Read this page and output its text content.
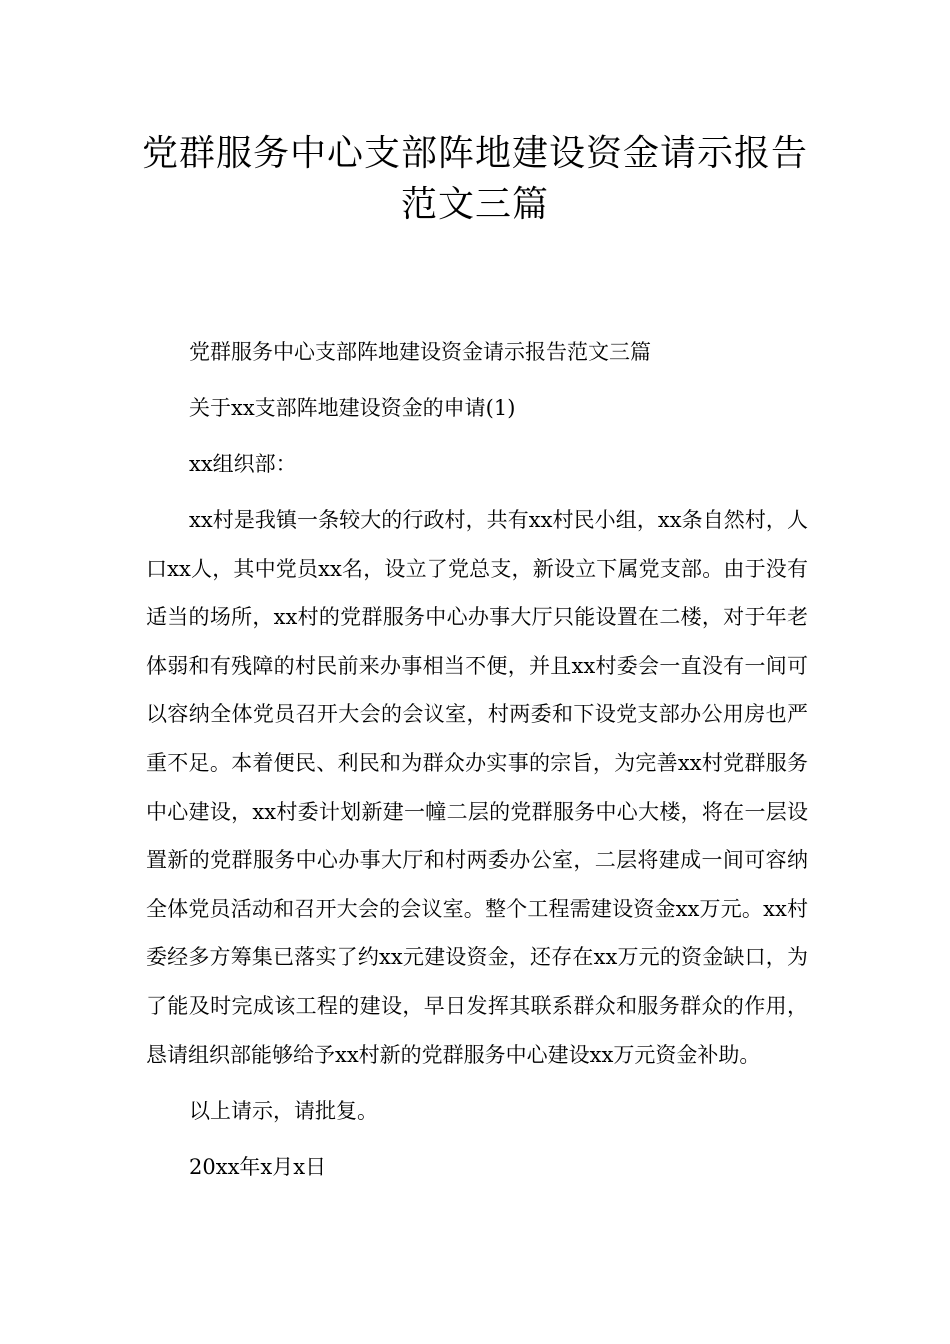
党群服务中心支部阵地建设资金请示报告范文三篇

党群服务中心支部阵地建设资金请示报告范文三篇

关于xx支部阵地建设资金的申请(1)

xx组织部：

xx村是我镇一条较大的行政村，共有xx村民小组，xx条自然村，人口xx人，其中党员xx名，设立了党总支，新设立下属党支部。由于没有适当的场所，xx村的党群服务中心办事大厅只能设置在二楼，对于年老体弱和有残障的村民前来办事相当不便，并且xx村委会一直没有一间可以容纳全体党员召开大会的会议室，村两委和下设党支部办公用房也严重不足。本着便民、利民和为群众办实事的宗旨，为完善xx村党群服务中心建设，xx村委计划新建一幢二层的党群服务中心大楼，将在一层设置新的党群服务中心办事大厅和村两委办公室，二层将建成一间可容纳全体党员活动和召开大会的会议室。整个工程需建设资金xx万元。xx村委经多方筹集已落实了约xx元建设资金，还存在xx万元的资金缺口，为了能及时完成该工程的建设，早日发挥其联系群众和服务群众的作用，恳请组织部能够给予xx村新的党群服务中心建设xx万元资金补助。

以上请示，请批复。

20xx年x月x日
